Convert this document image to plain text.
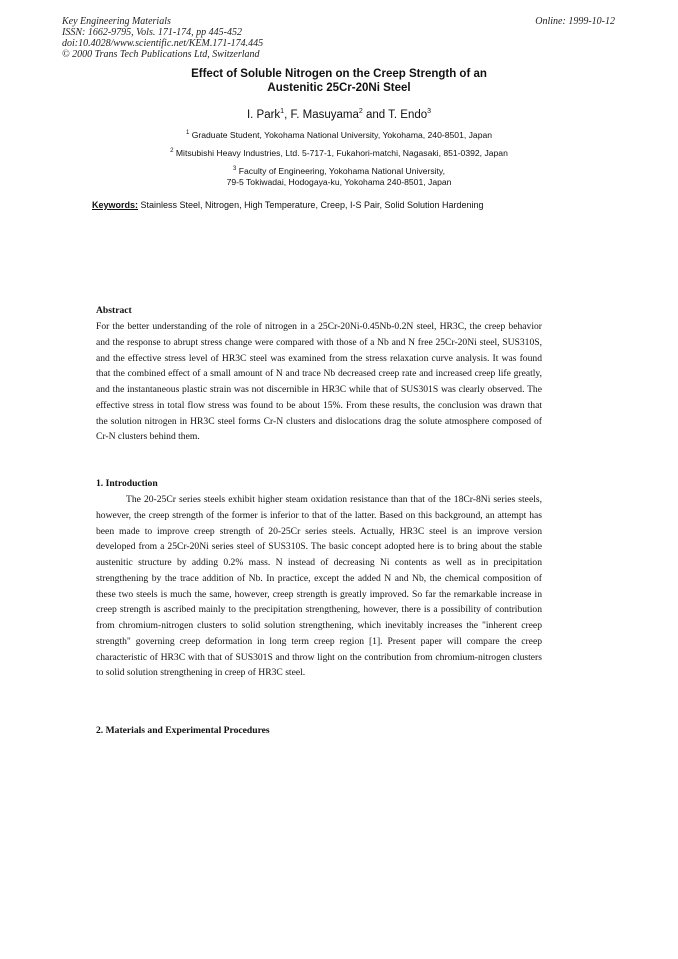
Key Engineering Materials
ISSN: 1662-9795, Vols. 171-174, pp 445-452
doi:10.4028/www.scientific.net/KEM.171-174.445
© 2000 Trans Tech Publications Ltd, Switzerland
Online: 1999-10-12
Effect of Soluble Nitrogen on the Creep Strength of an
Austenitic 25Cr-20Ni Steel
I. Park$^1$, F. Masuyama$^2$ and T. Endo$^3$
$^1$ Graduate Student, Yokohama National University, Yokohama, 240-8501, Japan
$^2$ Mitsubishi Heavy Industries, Ltd. 5-717-1, Fukahori-matchi, Nagasaki, 851-0392, Japan
$^3$ Faculty of Engineering, Yokohama National University,
79-5 Tokiwadai, Hodogaya-ku, Yokohama 240-8501, Japan
Keywords: Stainless Steel, Nitrogen, High Temperature, Creep, I-S Pair, Solid Solution Hardening
Abstract

For the better understanding of the role of nitrogen in a 25Cr-20Ni-0.45Nb-0.2N steel, HR3C, the creep behavior and the response to abrupt stress change were compared with those of a Nb and N free 25Cr-20Ni steel, SUS310S, and the effective stress level of HR3C steel was examined from the stress relaxation curve analysis. It was found that the combined effect of a small amount of N and trace Nb decreased creep rate and increased creep life greatly, and the instantaneous plastic strain was not discernible in HR3C while that of SUS301S was clearly observed. The effective stress in total flow stress was found to be about 15%. From these results, the conclusion was drawn that the solution nitrogen in HR3C steel forms Cr-N clusters and dislocations drag the solute atmosphere composed of Cr-N clusters behind them.

1. Introduction

The 20-25Cr series steels exhibit higher steam oxidation resistance than that of the 18Cr-8Ni series steels, however, the creep strength of the former is inferior to that of the latter. Based on this background, an attempt has been made to improve creep strength of 20-25Cr series steels. Actually, HR3C steel is an improve version developed from a 25Cr-20Ni series steel of SUS310S. The basic concept adopted here is to bring about the stable austenitic structure by adding 0.2% mass. N instead of decreasing Ni contents as well as in precipitation strengthening by the trace addition of Nb. In practice, except the added N and Nb, the chemical composition of these two steels is much the same, however, creep strength is greatly improved. So far the remarkable increase in creep strength is ascribed mainly to the precipitation strengthening, however, there is a possibility of contribution from chromium-nitrogen clusters to solid solution strengthening, which inevitably increases the "inherent creep strength" governing creep deformation in long term creep region [1]. Present paper will compare the creep characteristic of HR3C with that of SUS301S and throw light on the contribution from chromium-nitrogen clusters to solid solution strengthening in creep of HR3C steel.

2. Materials and Experimental Procedures
